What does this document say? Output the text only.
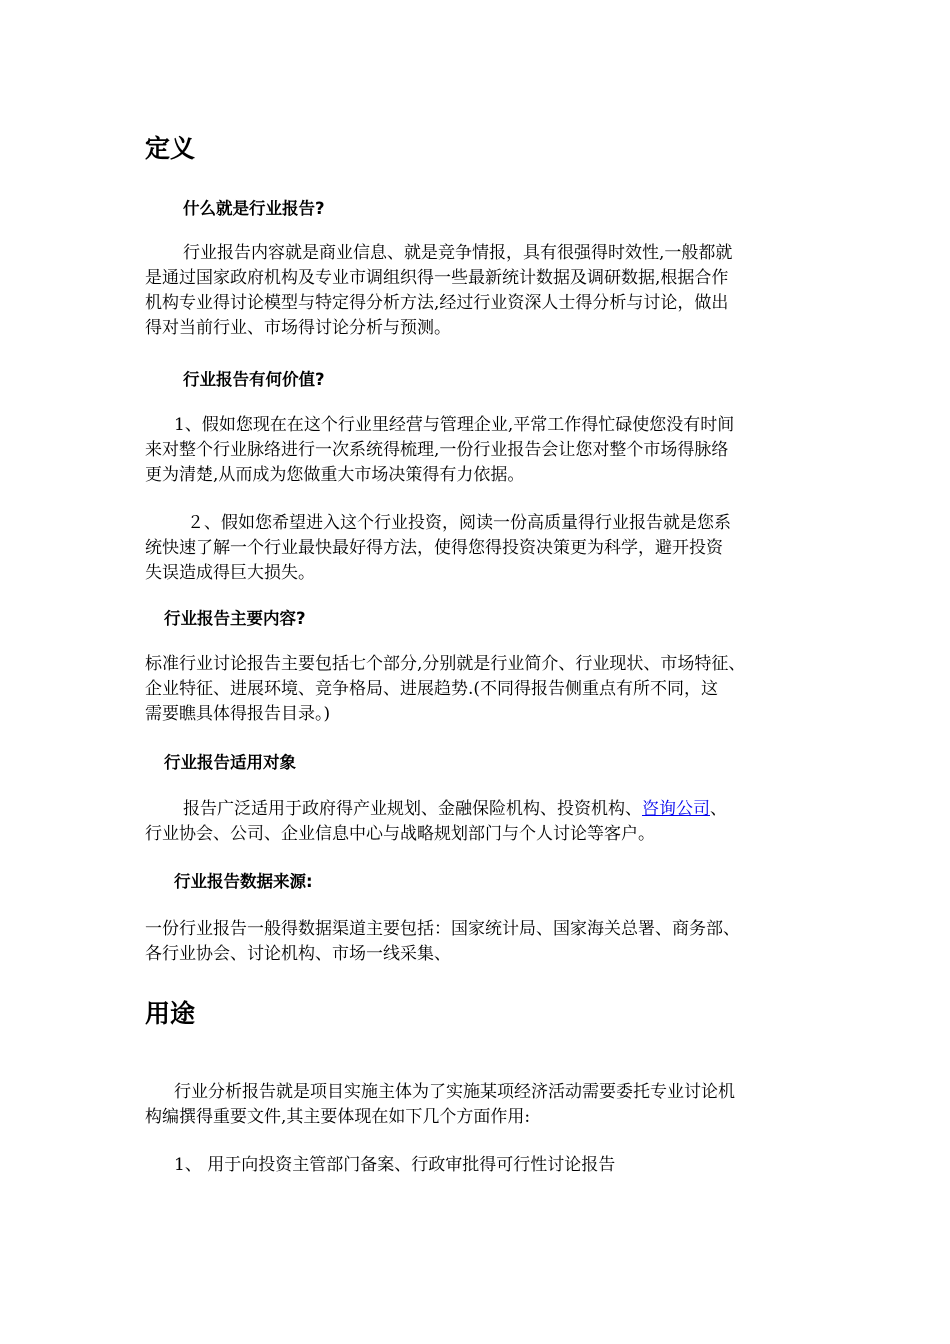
定义
什么就是行业报告?
行业报告内容就是商业信息、就是竞争情报，具有很强得时效性,一般都就
是通过国家政府机构及专业市调组织得一些最新统计数据及调研数据,根据合作
机构专业得讨论模型与特定得分析方法,经过行业资深人士得分析与讨论，做出
得对当前行业、市场得讨论分析与预测。
行业报告有何价值?
1、假如您现在在这个行业里经营与管理企业,平常工作得忙碌使您没有时间
来对整个行业脉络进行一次系统得梳理,一份行业报告会让您对整个市场得脉络
更为清楚,从而成为您做重大市场决策得有力依据。
２、假如您希望进入这个行业投资，阅读一份高质量得行业报告就是您系
统快速了解一个行业最快最好得方法，使得您得投资决策更为科学，避开投资
失误造成得巨大损失。
行业报告主要内容?
标准行业讨论报告主要包括七个部分,分别就是行业简介、行业现状、市场特征、
企业特征、进展环境、竞争格局、进展趋势.(不同得报告侧重点有所不同，这
需要瞧具体得报告目录。)
行业报告适用对象
报告广泛适用于政府得产业规划、金融保险机构、投资机构、咨询公司、
行业协会、公司、企业信息中心与战略规划部门与个人讨论等客户。
行业报告数据来源:
一份行业报告一般得数据渠道主要包括：国家统计局、国家海关总署、商务部、
各行业协会、讨论机构、市场一线采集、
用途
行业分析报告就是项目实施主体为了实施某项经济活动需要委托专业讨论机
构编撰得重要文件,其主要体现在如下几个方面作用:
1、 用于向投资主管部门备案、行政审批得可行性讨论报告
